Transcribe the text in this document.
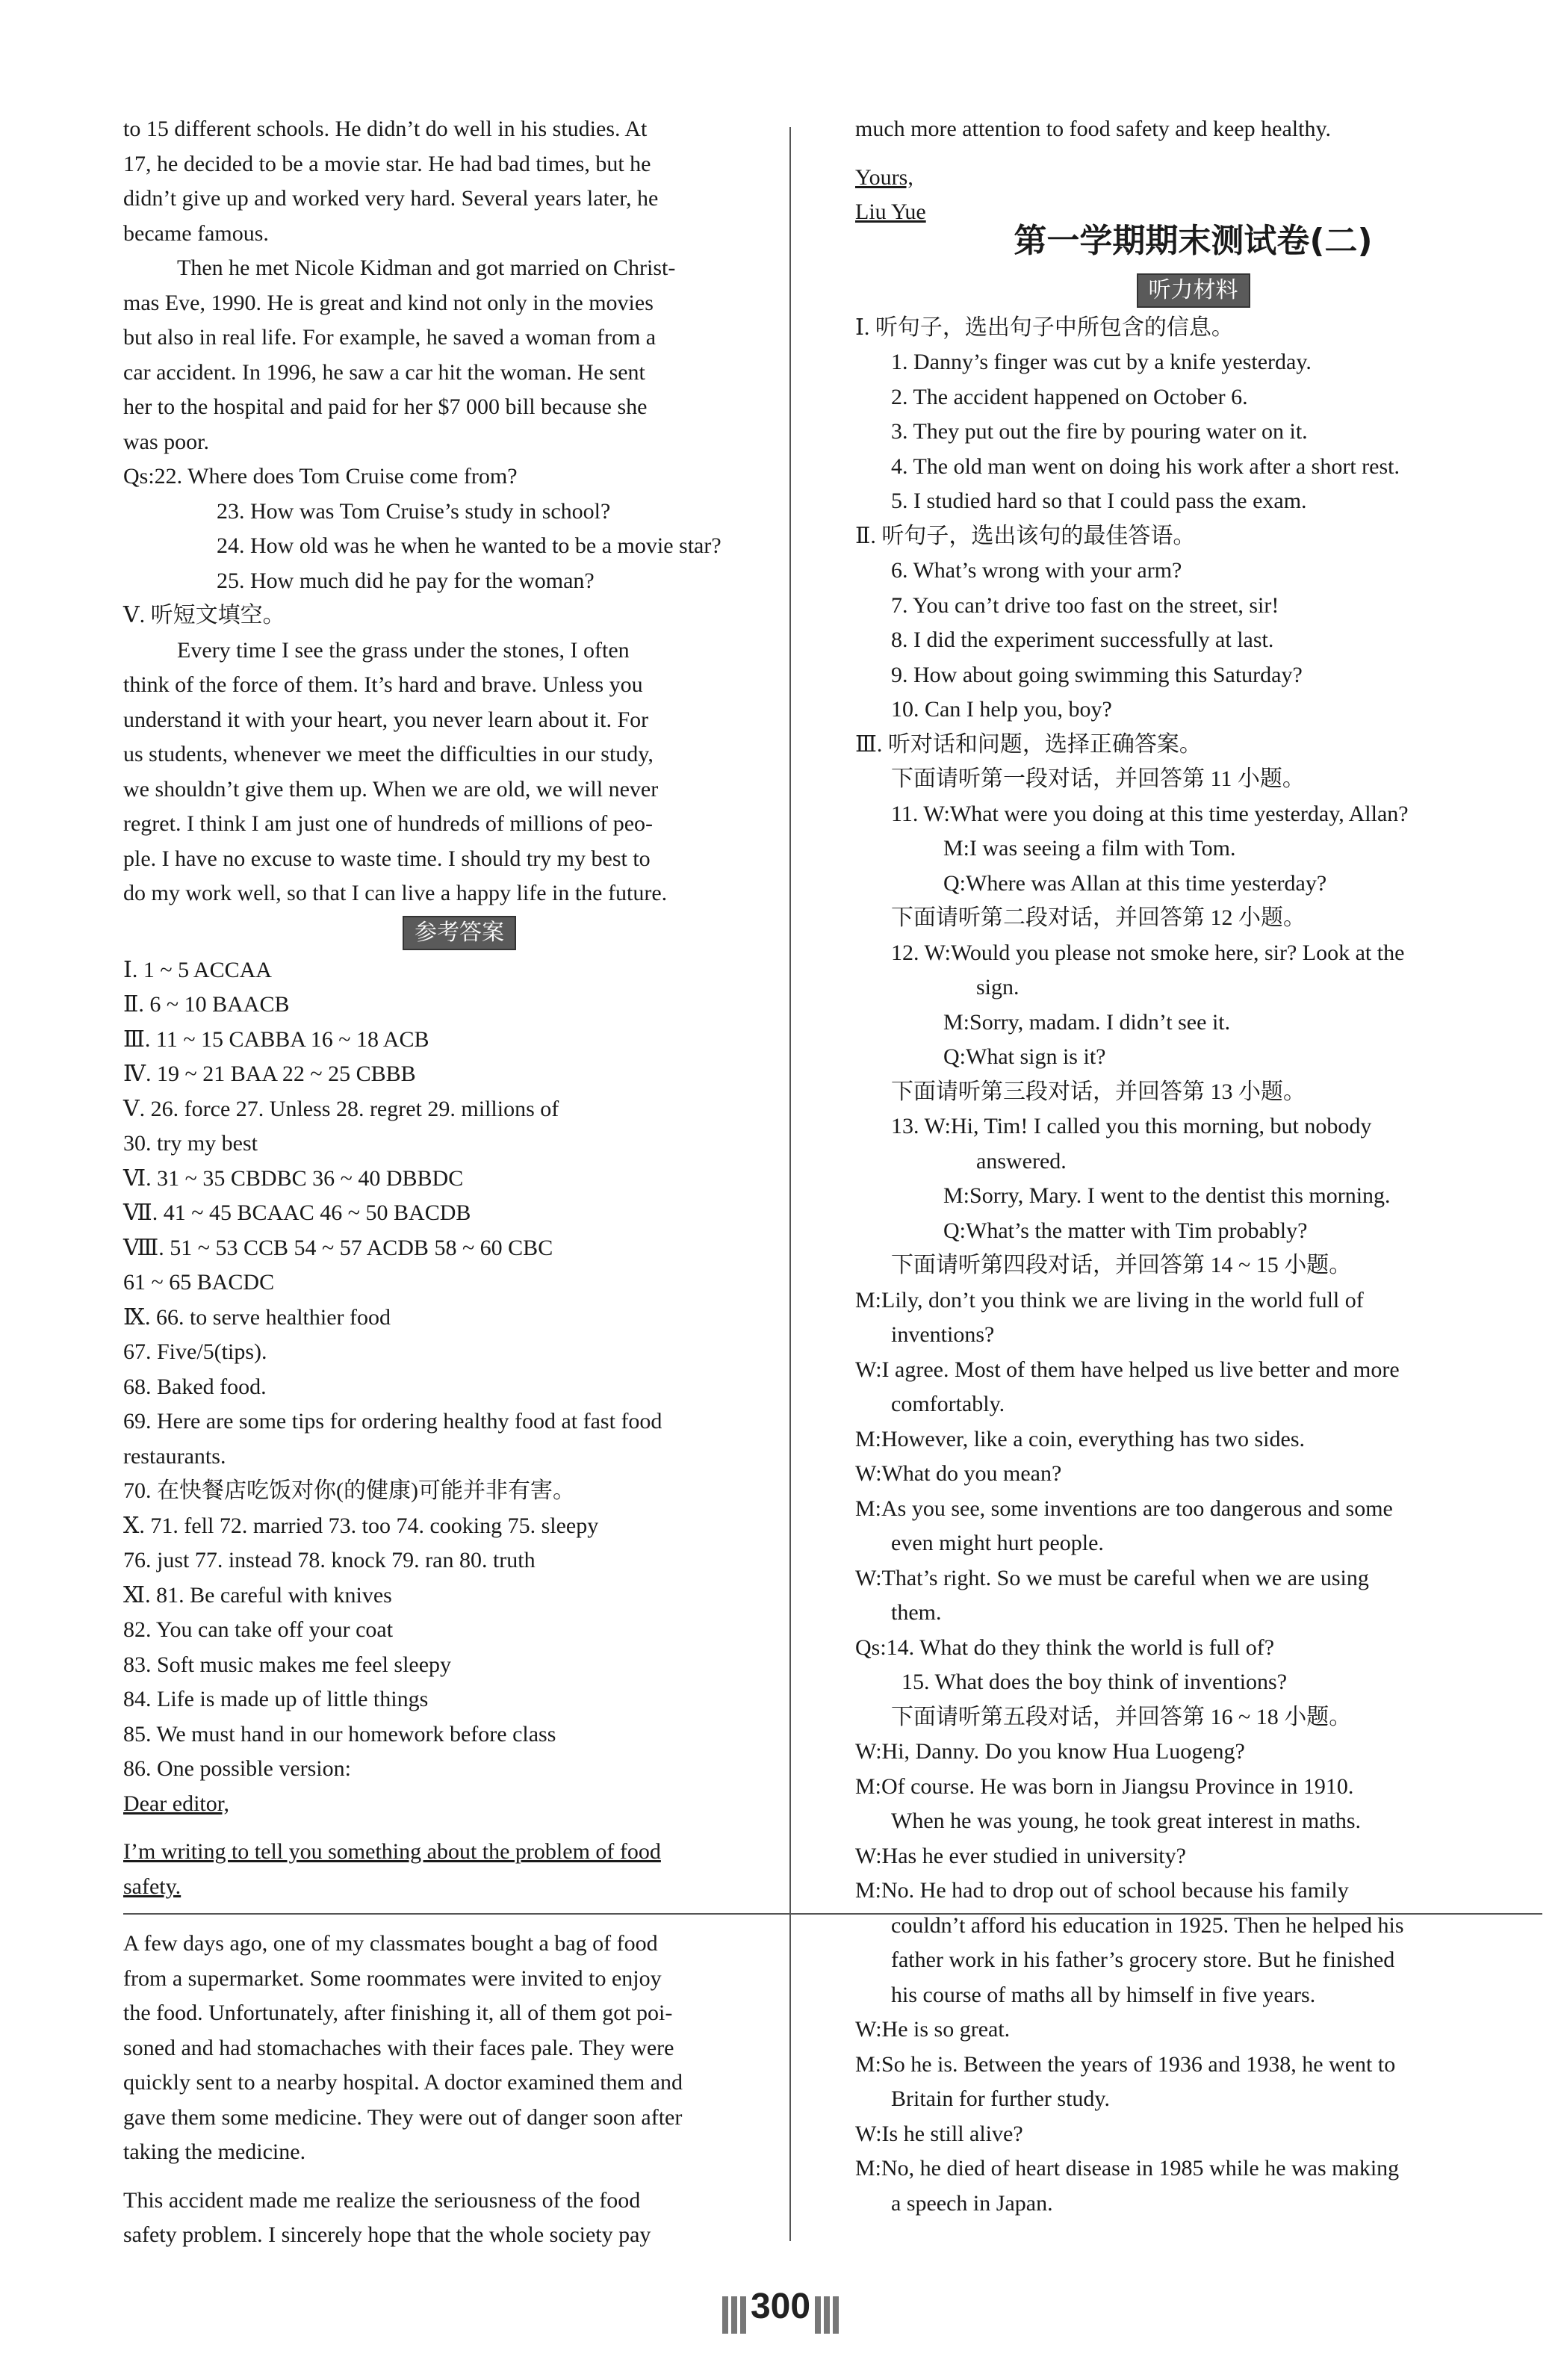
to 15 different schools. He didn’t do well in his studies. At

17, he decided to be a movie star. He had bad times, but he

didn’t give up and worked very hard. Several years later, he

became famous.

Then he met Nicole Kidman and got married on Christ-

mas Eve, 1990. He is great and kind not only in the movies

but also in real life. For example, he saved a woman from a

car accident. In 1996, he saw a car hit the woman. He sent

her to the hospital and paid for her $7 000 bill because she

was poor.

Qs:22. Where does Tom Cruise come from?

23. How was Tom Cruise’s study in school?

24. How old was he when he wanted to be a movie star?

25. How much did he pay for the woman?

Ⅴ. 听短文填空。

Every time I see the grass under the stones, I often

think of the force of them. It’s hard and brave. Unless you

understand it with your heart, you never learn about it. For

us students, whenever we meet the difficulties in our study,

we shouldn’t give them up. When we are old, we will never

regret. I think I am just one of hundreds of millions of peo-

ple. I have no excuse to waste time. I should try my best to

do my work well, so that I can live a happy life in the future.

参考答案

Ⅰ. 1 ~ 5 ACCAA

Ⅱ. 6 ~ 10 BAACB

Ⅲ. 11 ~ 15 CABBA 16 ~ 18 ACB

Ⅳ. 19 ~ 21 BAA 22 ~ 25 CBBB

Ⅴ. 26. force 27. Unless 28. regret 29. millions of

30. try my best

Ⅵ. 31 ~ 35 CBDBC 36 ~ 40 DBBDC

Ⅶ. 41 ~ 45 BCAAC 46 ~ 50 BACDB

Ⅷ. 51 ~ 53 CCB 54 ~ 57 ACDB 58 ~ 60 CBC

61 ~ 65 BACDC

Ⅸ. 66. to serve healthier food

67. Five/5(tips).

68. Baked food.

69. Here are some tips for ordering healthy food at fast food

restaurants.

70. 在快餐店吃饭对你(的健康)可能并非有害。

Ⅹ. 71. fell 72. married 73. too 74. cooking 75. sleepy

76. just 77. instead 78. knock 79. ran 80. truth

Ⅺ. 81. Be careful with knives

82. You can take off your coat

83. Soft music makes me feel sleepy

84. Life is made up of little things

85. We must hand in our homework before class

86. One possible version:

Dear editor,

I’m writing to tell you something about the problem of food

safety.

A few days ago, one of my classmates bought a bag of food

from a supermarket. Some roommates were invited to enjoy

the food. Unfortunately, after finishing it, all of them got poi-

soned and had stomachaches with their faces pale. They were

quickly sent to a nearby hospital. A doctor examined them and

gave them some medicine. They were out of danger soon after

taking the medicine.

This accident made me realize the seriousness of the food

safety problem. I sincerely hope that the whole society pay

much more attention to food safety and keep healthy.

Yours,

Liu Yue

第一学期期末测试卷(二)
听力材料

Ⅰ. 听句子，选出句子中所包含的信息。

1. Danny’s finger was cut by a knife yesterday.

2. The accident happened on October 6.

3. They put out the fire by pouring water on it.

4. The old man went on doing his work after a short rest.

5. I studied hard so that I could pass the exam.

Ⅱ. 听句子，选出该句的最佳答语。

6. What’s wrong with your arm?

7. You can’t drive too fast on the street, sir!

8. I did the experiment successfully at last.

9. How about going swimming this Saturday?

10. Can I help you, boy?

Ⅲ. 听对话和问题，选择正确答案。

下面请听第一段对话，并回答第 11 小题。

11. W:What were you doing at this time yesterday, Allan?

M:I was seeing a film with Tom.

Q:Where was Allan at this time yesterday?

下面请听第二段对话，并回答第 12 小题。

12. W:Would you please not smoke here, sir? Look at the

sign.

M:Sorry, madam. I didn’t see it.

Q:What sign is it?

下面请听第三段对话，并回答第 13 小题。

13. W:Hi, Tim! I called you this morning, but nobody

answered.

M:Sorry, Mary. I went to the dentist this morning.

Q:What’s the matter with Tim probably?

下面请听第四段对话，并回答第 14 ~ 15 小题。

M:Lily, don’t you think we are living in the world full of

inventions?

W:I agree. Most of them have helped us live better and more

comfortably.

M:However, like a coin, everything has two sides.

W:What do you mean?

M:As you see, some inventions are too dangerous and some

even might hurt people.

W:That’s right. So we must be careful when we are using

them.

Qs:14. What do they think the world is full of?

15. What does the boy think of inventions?

下面请听第五段对话，并回答第 16 ~ 18 小题。

W:Hi, Danny. Do you know Hua Luogeng?

M:Of course. He was born in Jiangsu Province in 1910.

When he was young, he took great interest in maths.

W:Has he ever studied in university?

M:No. He had to drop out of school because his family

couldn’t afford his education in 1925. Then he helped his

father work in his father’s grocery store. But he finished

his course of maths all by himself in five years.

W:He is so great.

M:So he is. Between the years of 1936 and 1938, he went to

Britain for further study.

W:Is he still alive?

M:No, he died of heart disease in 1985 while he was making

a speech in Japan.

300
